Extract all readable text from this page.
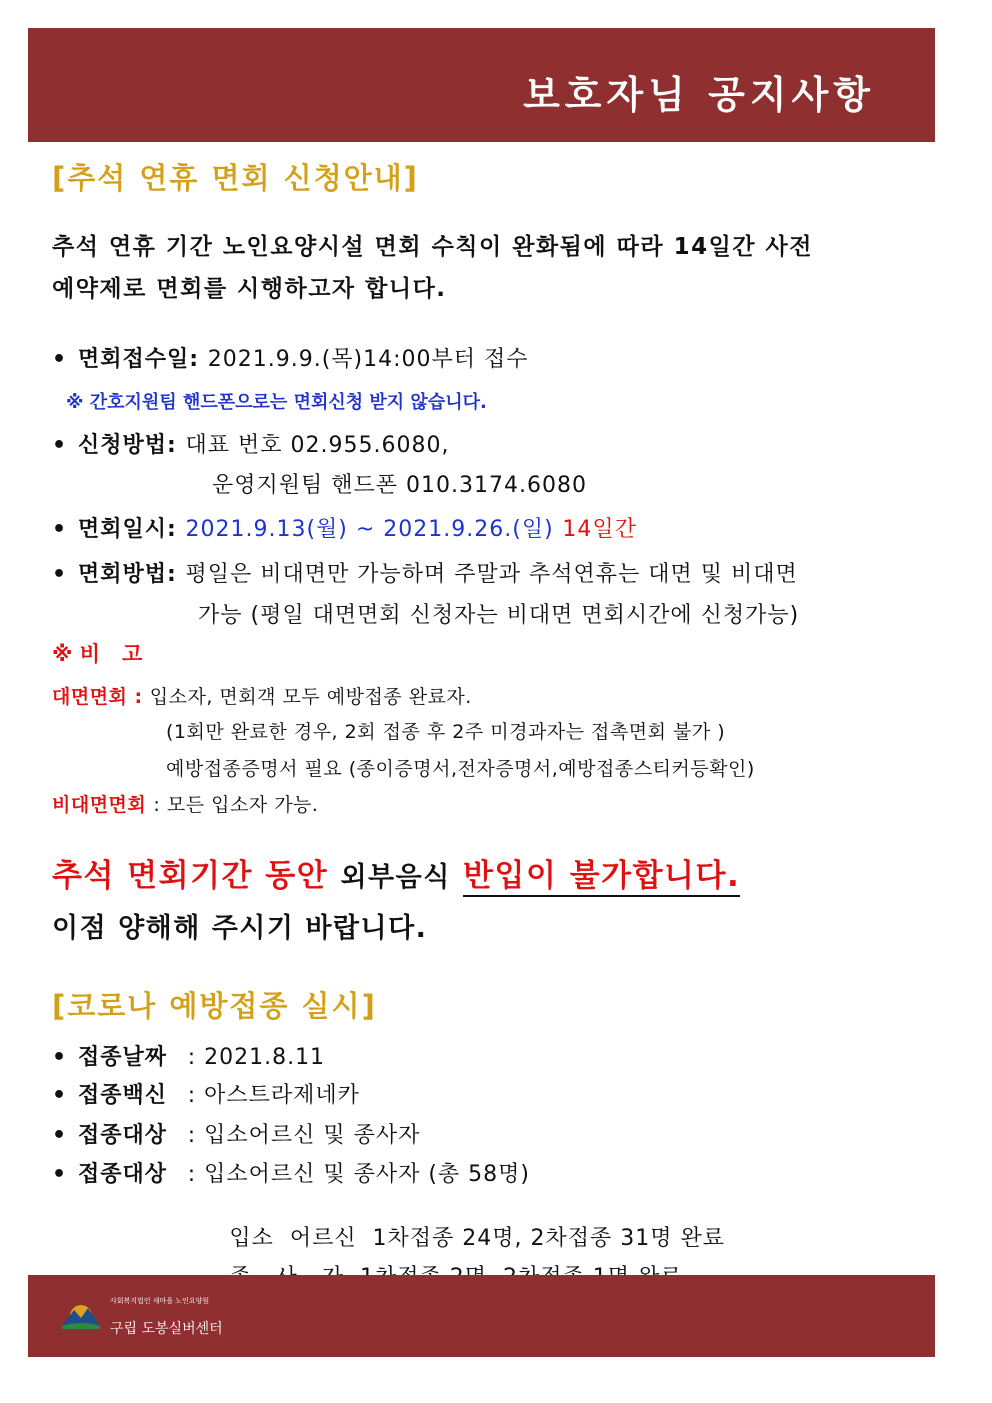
보호자님 공지사항
[추석 연휴 면회 신청안내]
추석 연휴 기간 노인요양시설 면회 수칙이 완화됨에 따라 14일간 사전
예약제로 면회를 시행하고자 합니다.
• 면회접수일: 2021.9.9.(목)14:00부터 접수
※ 간호지원팀 핸드폰으로는 면회신청 받지 않습니다.
• 신청방법: 대표 번호 02.955.6080,
운영지원팀 핸드폰 010.3174.6080
• 면회일시: 2021.9.13(월) ~ 2021.9.26.(일) 14일간
• 면회방법: 평일은 비대면만 가능하며 주말과 추석연휴는 대면 및 비대면
가능 (평일 대면면회 신청자는 비대면 면회시간에 신청가능)
※ 비   고
대면면회 : 입소자, 면회객 모두 예방접종 완료자.
(1회만 완료한 경우, 2회 접종 후 2주 미경과자는 접촉면회 불가 )
예방접종증명서 필요 (종이증명서,전자증명서,예방접종스티커등확인)
비대면면회 : 모든 입소자 가능.
추석 면회기간 동안 외부음식 반입이 불가합니다.
이점 양해해 주시기 바랍니다.
[코로나 예방접종 실시]
• 접종날짜 : 2021.8.11
• 접종백신 : 아스트라제네카
• 접종대상 : 입소어르신 및 종사자
• 접종대상 : 입소어르신 및 종사자 (총 58명)

입소  어르신  1차접종 24명, 2차접종 31명 완료

사회복지법인 새마을 노인요양원
구립 도봉실버센터
